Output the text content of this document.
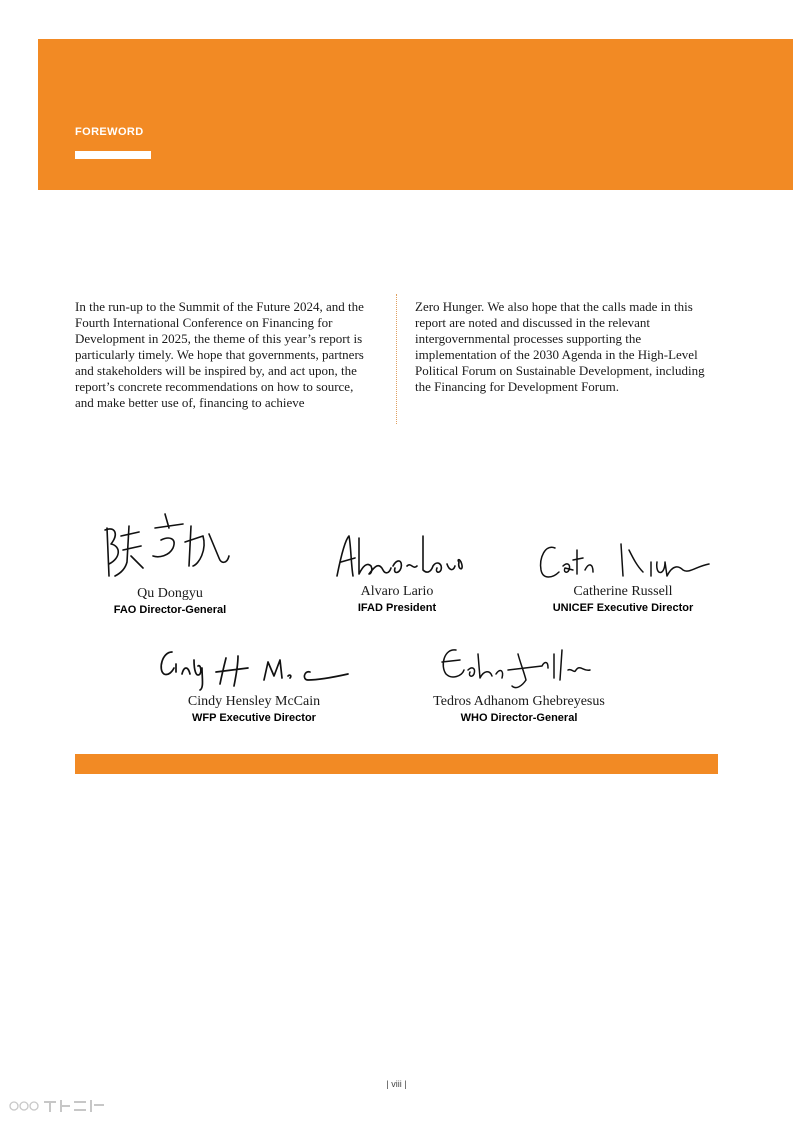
FOREWORD

In the run-up to the Summit of the Future 2024, and the Fourth International Conference on Financing for Development in 2025, the theme of this year’s report is particularly timely. We hope that governments, partners and stakeholders will be inspired by, and act upon, the report’s concrete recommendations on how to source, and make better use of, financing to achieve

Zero Hunger. We also hope that the calls made in this report are noted and discussed in the relevant intergovernmental processes supporting the implementation of the 2030 Agenda in the High-Level Political Forum on Sustainable Development, including the Financing for Development Forum.

Qu Dongyu
FAO Director-General
Alvaro Lario
IFAD President
Catherine Russell
UNICEF Executive Director
Cindy Hensley McCain
WFP Executive Director
Tedros Adhanom Ghebreyesus
WHO Director-General
| viii |
